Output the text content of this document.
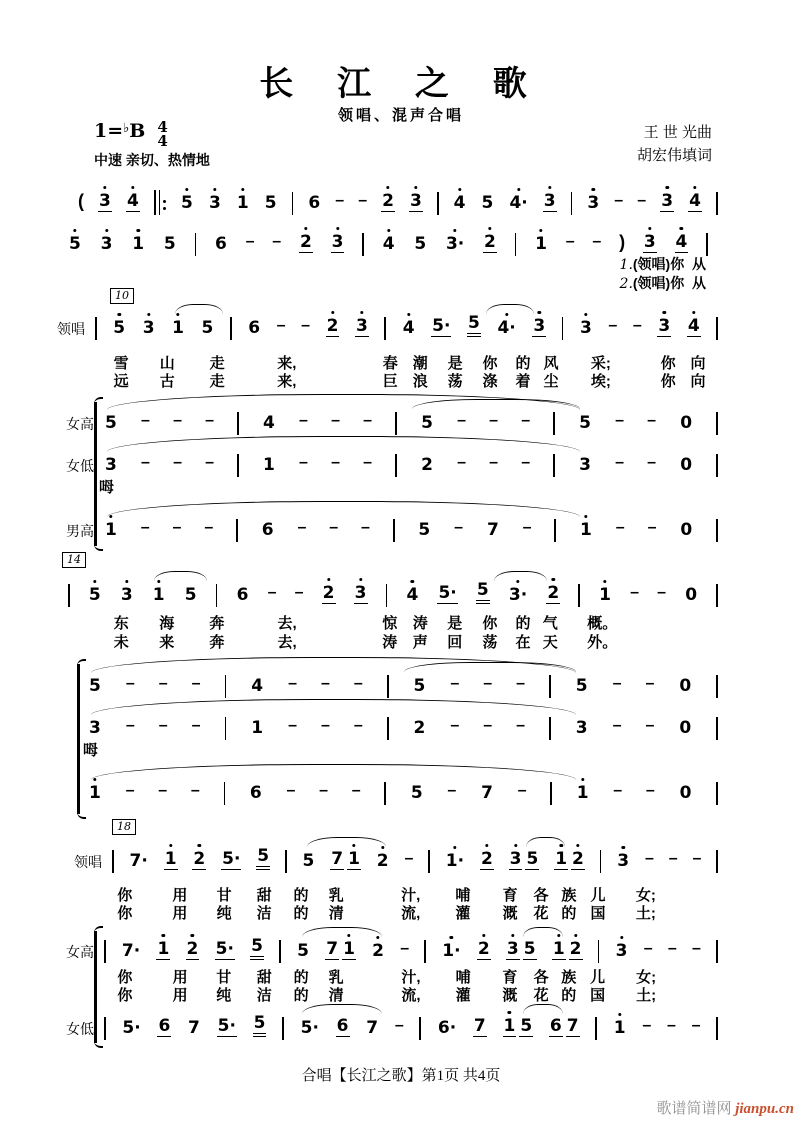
长 江 之 歌
领唱、混声合唱
1=♭B 4
4
中速 亲切、热情地
王 世 光曲
胡宏伟填词
1.(领唱)你  从
2.(领唱)你  从
( 3 4 5 3 1 5 6 – – 2 3 4 5 4· 3 3 – – 3 4
5 3 1 5 6 – – 2 3 4 5 3· 2 1 – – ) 3 4
5 3 1 5 6 – – 2 3 4 5· 5 4· 3 3 – – 3 4
领唱
雪 山 走	来,	春 潮 是 你 的 风 采;	你 向
远 古 走	来,	巨 浪 荡 涤 着 尘 埃;	你 向
5 – – –	4 – – –	5 – – –	5 – – 0
女高
3 – – –	1 – – –	2 – – –	3 – – 0
女低
呣
1 – – –	6 – – –	5 – 7 –	1 – – 0
男高
5 3 1 5 6 – – 2 3 4 5· 5 3· 2 1 – – 0
东 海 奔	去,	惊 涛 是 你 的 气 概。
未 来 奔	去,	涛 声 回 荡 在 天 外。
5 – – –	4 – – –	5 – – –	5 – – 0
3 – – –	1 – – –	2 – – –	3 – – 0
呣
1 – – –	6 – – –	5 – 7 –	1 – – 0
7· 1 2 5· 5 5 7 1 2 – 1· 2 3 5 1 2 3 – – –
领唱
你	用 甘 甜 的 乳	汁, 哺 育 各 族 儿 女;
你	用 纯 洁 的 清	流, 灌 溉 花 的 国 土;
7· 1 2 5· 5 5 7 1 2 – 1· 2 3 5 1 2 3 – – –
女高
你	用 甘 甜 的 乳	汁, 哺 育 各 族 儿 女;
你	用 纯 洁 的 清	流, 灌 溉 花 的 国 土;
5· 6 7 5· 5 5· 6 7 – 6· 7 1 5 6 7 1 – – –
女低
10
14
18
合唱【长江之歌】第1页 共4页
歌谱简谱网 jianpu.cn
